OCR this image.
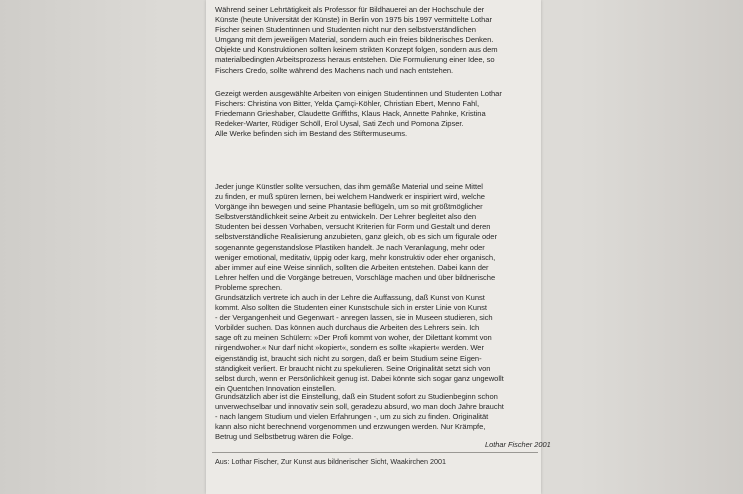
Während seiner Lehrtätigkeit als Professor für Bildhauerei an der Hochschule der
Künste (heute Universität der Künste) in Berlin von 1975 bis 1997 vermittelte Lothar
Fischer seinen Studentinnen und Studenten nicht nur den selbstverständlichen
Umgang mit dem jeweiligen Material, sondern auch ein freies bildnerisches Denken.
Objekte und Konstruktionen sollten keinem strikten Konzept folgen, sondern aus dem
materialbedingten Arbeitsprozess heraus entstehen. Die Formulierung einer Idee, so
Fischers Credo, sollte während des Machens nach und nach entstehen.
Gezeigt werden ausgewählte Arbeiten von einigen Studentinnen und Studenten Lothar
Fischers: Christina von Bitter, Yelda Çamçi-Köhler, Christian Ebert, Menno Fahl,
Friedemann Grieshaber, Claudette Griffiths, Klaus Hack, Annette Pahnke, Kristina
Redeker-Warter, Rüdiger Schöll, Erol Uysal, Sati Zech und Pomona Zipser.
Alle Werke befinden sich im Bestand des Stiftermuseums.
Jeder junge Künstler sollte versuchen, das ihm gemäße Material und seine Mittel
zu finden, er muß spüren lernen, bei welchem Handwerk er inspiriert wird, welche
Vorgänge ihn bewegen und seine Phantasie beflügeln, um so mit größtmöglicher
Selbstverständlichkeit seine Arbeit zu entwickeln. Der Lehrer begleitet also den
Studenten bei dessen Vorhaben, versucht Kriterien für Form und Gestalt und deren
selbstverständliche Realisierung anzubieten, ganz gleich, ob es sich um figurale oder
sogenannte gegenstandslose Plastiken handelt. Je nach Veranlagung, mehr oder
weniger emotional, meditativ, üppig oder karg, mehr konstruktiv oder eher organisch,
aber immer auf eine Weise sinnlich, sollten die Arbeiten entstehen. Dabei kann der
Lehrer helfen und die Vorgänge betreuen, Vorschläge machen und über bildnerische
Probleme sprechen.
Grundsätzlich vertrete ich auch in der Lehre die Auffassung, daß Kunst von Kunst
kommt. Also sollten die Studenten einer Kunstschule sich in erster Linie von Kunst
- der Vergangenheit und Gegenwart - anregen lassen, sie in Museen studieren, sich
Vorbilder suchen. Das können auch durchaus die Arbeiten des Lehrers sein. Ich
sage oft zu meinen Schülern: »Der Profi kommt von woher, der Dilettant kommt von
nirgendwoher.« Nur darf nicht »kopiert«, sondern es sollte »kapiert« werden. Wer
eigenständig ist, braucht sich nicht zu sorgen, daß er beim Studium seine Eigen-
ständigkeit verliert. Er braucht nicht zu spekulieren. Seine Originalität setzt sich von
selbst durch, wenn er Persönlichkeit genug ist. Dabei könnte sich sogar ganz ungewollt
ein Quentchen Innovation einstellen.
Grundsätzlich aber ist die Einstellung, daß ein Student sofort zu Studienbeginn schon
unverwechselbar und innovativ sein soll, geradezu absurd, wo man doch Jahre braucht
- nach langem Studium und vielen Erfahrungen -, um zu sich zu finden. Originalität
kann also nicht berechnend vorgenommen und erzwungen werden. Nur Krämpfe,
Betrug und Selbstbetrug wären die Folge.
Lothar Fischer 2001
Aus: Lothar Fischer, Zur Kunst aus bildnerischer Sicht, Waakirchen 2001
